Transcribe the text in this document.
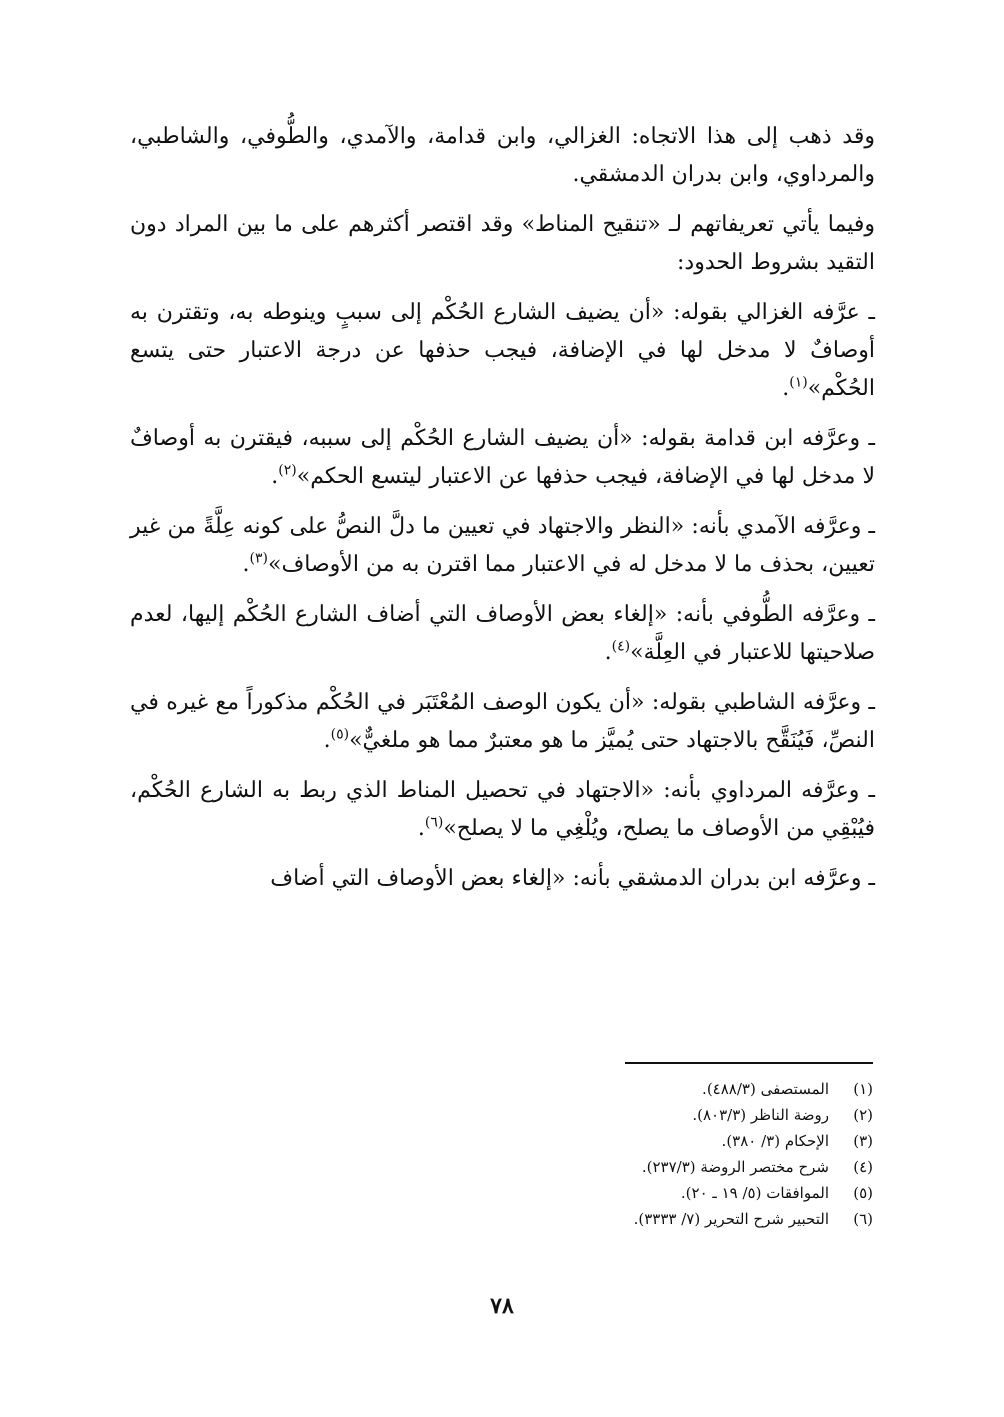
وقد ذهب إلى هذا الاتجاه: الغزالي، وابن قدامة، والآمدي، والطُّوفي، والشاطبي، والمرداوي، وابن بدران الدمشقي.

وفيما يأتي تعريفاتهم لـ «تنقيح المناط» وقد اقتصر أكثرهم على ما بين المراد دون التقيد بشروط الحدود:

ـ عرَّفه الغزالي بقوله: «أن يضيف الشارع الحُكْم إلى سببٍ وينوطه به، وتقترن به أوصافٌ لا مدخل لها في الإضافة، فيجب حذفها عن درجة الاعتبار حتى يتسع الحُكْم»$^{(١)}$.

ـ وعرَّفه ابن قدامة بقوله: «أن يضيف الشارع الحُكْم إلى سببه، فيقترن به أوصافٌ لا مدخل لها في الإضافة، فيجب حذفها عن الاعتبار ليتسع الحكم»$^{(٢)}$.

ـ وعرَّفه الآمدي بأنه: «النظر والاجتهاد في تعيين ما دلَّ النصُّ على كونه عِلَّةً من غير تعيين، بحذف ما لا مدخل له في الاعتبار مما اقترن به من الأوصاف»$^{(٣)}$.

ـ وعرَّفه الطُّوفي بأنه: «إلغاء بعض الأوصاف التي أضاف الشارع الحُكْم إليها، لعدم صلاحيتها للاعتبار في العِلَّة»$^{(٤)}$.

ـ وعرَّفه الشاطبي بقوله: «أن يكون الوصف المُعْتَبَر في الحُكْم مذكوراً مع غيره في النصِّ، فَيُنَقَّح بالاجتهاد حتى يُميَّز ما هو معتبرٌ مما هو ملغيٌّ»$^{(٥)}$.

ـ وعرَّفه المرداوي بأنه: «الاجتهاد في تحصيل المناط الذي ربط به الشارع الحُكْم، فيُبْقِي من الأوصاف ما يصلح، ويُلْغِي ما لا يصلح»$^{(٦)}$.

ـ وعرَّفه ابن بدران الدمشقي بأنه: «إلغاء بعض الأوصاف التي أضاف

(١)
المستصفى (٤٨٨/٣).
(٢)
روضة الناظر (٨٠٣/٣).
(٣)
الإحكام (٣/ ٣٨٠).
(٤)
شرح مختصر الروضة (٢٣٧/٣).
(٥)
الموافقات (٥/ ١٩ ـ ٢٠).
(٦)
التحبير شرح التحرير (٧/ ٣٣٣٣).
٧٨
